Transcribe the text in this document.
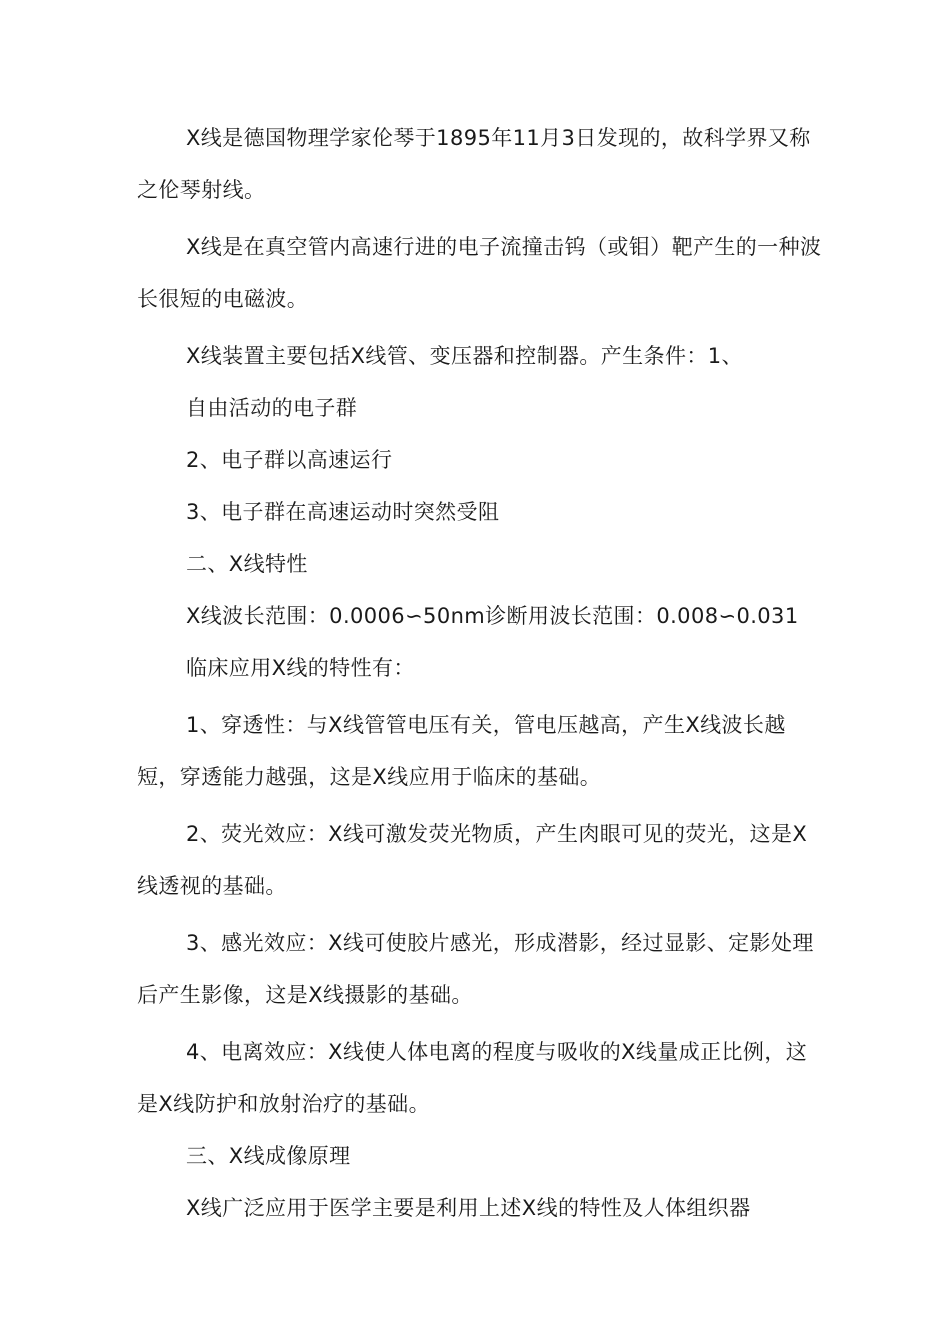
X线是德国物理学家伦琴于1895年11月3日发现的，故科学界又称之伦琴射线。

X线是在真空管内高速行进的电子流撞击钨（或钼）靶产生的一种波长很短的电磁波。

X线装置主要包括X线管、变压器和控制器。产生条件：1、

自由活动的电子群

2、电子群以高速运行

3、电子群在高速运动时突然受阻

二、X线特性

X线波长范围：0.0006∽50nm诊断用波长范围：0.008∽0.031

临床应用X线的特性有：

1、穿透性：与X线管管电压有关，管电压越高，产生X线波长越短，穿透能力越强，这是X线应用于临床的基础。

2、荧光效应：X线可激发荧光物质，产生肉眼可见的荧光，这是X线透视的基础。

3、感光效应：X线可使胶片感光，形成潜影，经过显影、定影处理后产生影像，这是X线摄影的基础。

4、电离效应：X线使人体电离的程度与吸收的X线量成正比例，这是X线防护和放射治疗的基础。

三、X线成像原理

X线广泛应用于医学主要是利用上述X线的特性及人体组织器
